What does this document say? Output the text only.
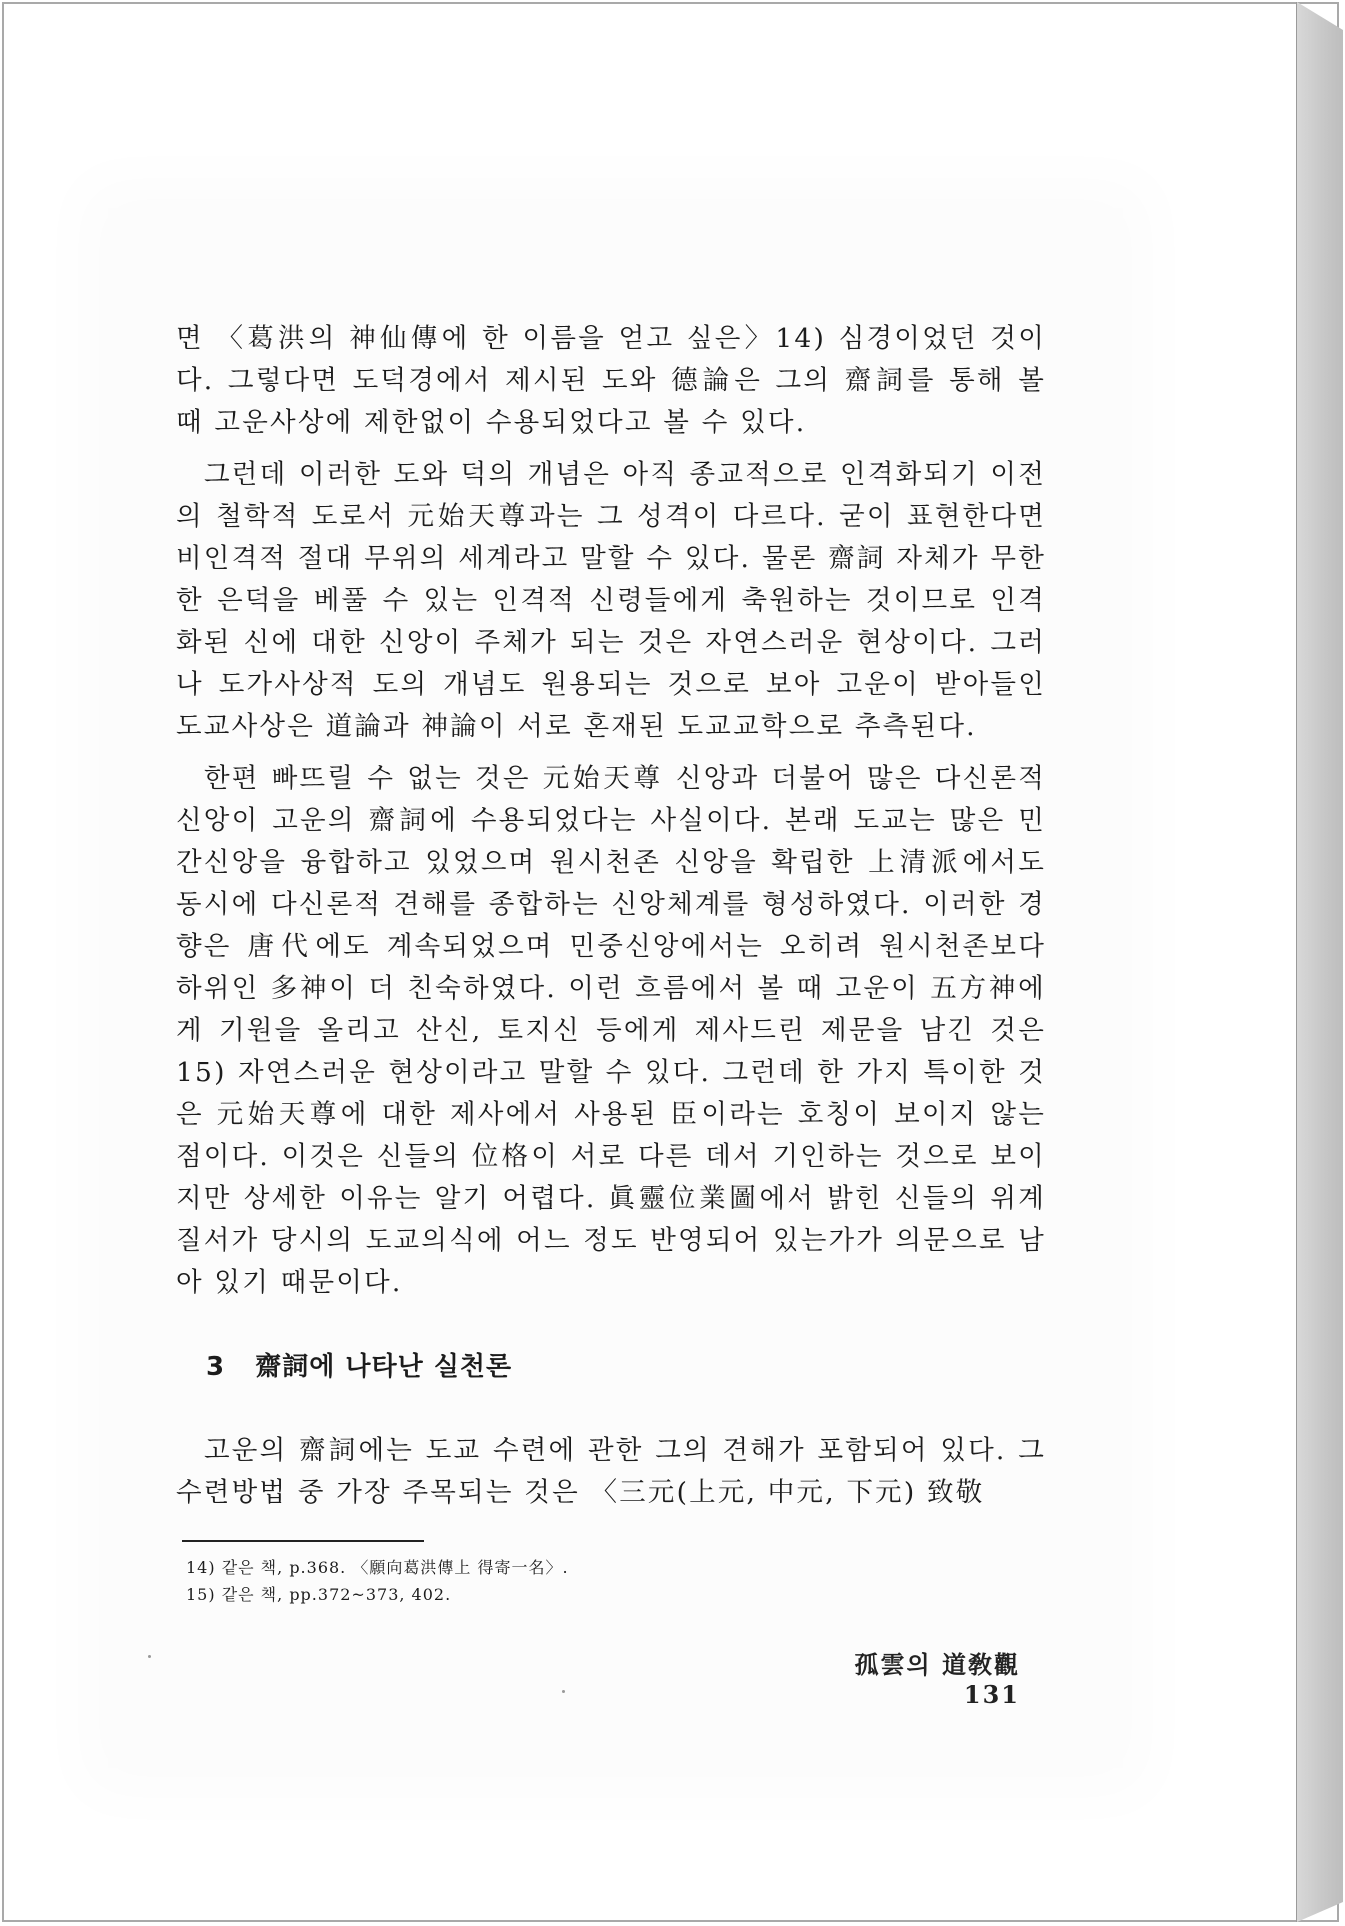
면 〈葛洪의 神仙傳에 한 이름을 얻고 싶은〉14) 심경이었던 것이다. 그렇다면 도덕경에서 제시된 도와 德論은 그의 齋詞를 통해 볼 때 고운사상에 제한없이 수용되었다고 볼 수 있다.

그런데 이러한 도와 덕의 개념은 아직 종교적으로 인격화되기 이전의 철학적 도로서 元始天尊과는 그 성격이 다르다. 굳이 표현한다면 비인격적 절대 무위의 세계라고 말할 수 있다. 물론 齋詞 자체가 무한한 은덕을 베풀 수 있는 인격적 신령들에게 축원하는 것이므로 인격화된 신에 대한 신앙이 주체가 되는 것은 자연스러운 현상이다. 그러나 도가사상적 도의 개념도 원용되는 것으로 보아 고운이 받아들인 도교사상은 道論과 神論이 서로 혼재된 도교교학으로 추측된다.

한편 빠뜨릴 수 없는 것은 元始天尊 신앙과 더불어 많은 다신론적 신앙이 고운의 齋詞에 수용되었다는 사실이다. 본래 도교는 많은 민간신앙을 융합하고 있었으며 원시천존 신앙을 확립한 上清派에서도 동시에 다신론적 견해를 종합하는 신앙체계를 형성하였다. 이러한 경향은 唐代에도 계속되었으며 민중신앙에서는 오히려 원시천존보다 하위인 多神이 더 친숙하였다. 이런 흐름에서 볼 때 고운이 五方神에게 기원을 올리고 산신, 토지신 등에게 제사드린 제문을 남긴 것은15) 자연스러운 현상이라고 말할 수 있다. 그런데 한 가지 특이한 것은 元始天尊에 대한 제사에서 사용된 臣이라는 호칭이 보이지 않는 점이다. 이것은 신들의 位格이 서로 다른 데서 기인하는 것으로 보이지만 상세한 이유는 알기 어렵다. 眞靈位業圖에서 밝힌 신들의 위계질서가 당시의 도교의식에 어느 정도 반영되어 있는가가 의문으로 남아 있기 때문이다.

3 齋詞에 나타난 실천론

고운의 齋詞에는 도교 수련에 관한 그의 견해가 포함되어 있다. 그 수련방법 중 가장 주목되는 것은 〈三元(上元, 中元, 下元) 致敬

14) 같은 책, p.368. 〈願向葛洪傳上 得寄一名〉.
15) 같은 책, pp.372~373, 402.
孤雲의 道敎觀131
